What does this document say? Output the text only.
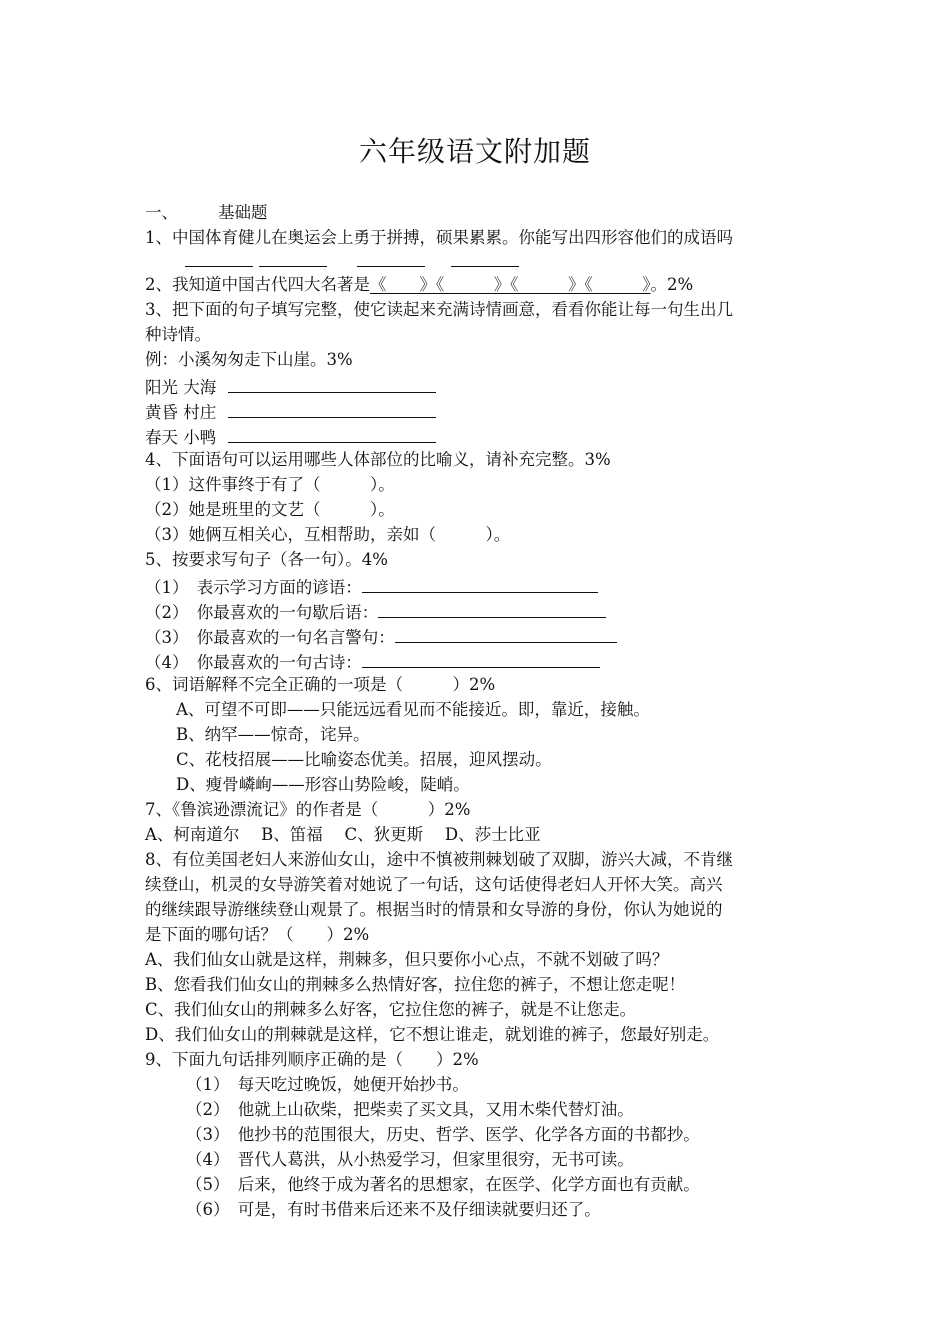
六年级语文附加题
一、 基础题
1、中国体育健儿在奥运会上勇于拼搏，硕果累累。你能写出四形容他们的成语吗
2、我知道中国古代四大名著是《　　》《　　　》《　　　》《　　　》。2%
3、把下面的句子填写完整，使它读起来充满诗情画意，看看你能让每一句生出几
种诗情。
例：小溪匆匆走下山崖。3%
阳光 大海
黄昏 村庄
春天 小鸭
4、下面语句可以运用哪些人体部位的比喻义，请补充完整。3%
（1）这件事终于有了（　　　）。
（2）她是班里的文艺（　　　）。
（3）她俩互相关心，互相帮助，亲如（　　　）。
5、按要求写句子（各一句）。4%
（1）　表示学习方面的谚语：
（2）　你最喜欢的一句歇后语：
（3）　你最喜欢的一句名言警句：
（4）　你最喜欢的一句古诗：
6、词语解释不完全正确的一项是（　　　）2%
A、可望不可即——只能远远看见而不能接近。即，靠近，接触。
B、纳罕——惊奇，诧异。
C、花枝招展——比喻姿态优美。招展，迎风摆动。
D、瘦骨嶙峋——形容山势险峻，陡峭。
7、《鲁滨逊漂流记》的作者是（　　　）2%
A、柯南道尔　 B、笛福　 C、狄更斯　 D、莎士比亚
8、有位美国老妇人来游仙女山，途中不慎被荆棘划破了双脚，游兴大减，不肯继
续登山，机灵的女导游笑着对她说了一句话，这句话使得老妇人开怀大笑。高兴
的继续跟导游继续登山观景了。根据当时的情景和女导游的身份，你认为她说的
是下面的哪句话？（　　）2%
A、我们仙女山就是这样，荆棘多，但只要你小心点，不就不划破了吗？
B、您看我们仙女山的荆棘多么热情好客，拉住您的裤子，不想让您走呢！
C、我们仙女山的荆棘多么好客，它拉住您的裤子，就是不让您走。
D、我们仙女山的荆棘就是这样，它不想让谁走，就划谁的裤子，您最好别走。
9、下面九句话排列顺序正确的是（　　）2%
（1）　每天吃过晚饭，她便开始抄书。
（2）　他就上山砍柴，把柴卖了买文具，又用木柴代替灯油。
（3）　他抄书的范围很大，历史、哲学、医学、化学各方面的书都抄。
（4）　晋代人葛洪，从小热爱学习，但家里很穷，无书可读。
（5）　后来，他终于成为著名的思想家，在医学、化学方面也有贡献。
（6）　可是，有时书借来后还来不及仔细读就要归还了。
